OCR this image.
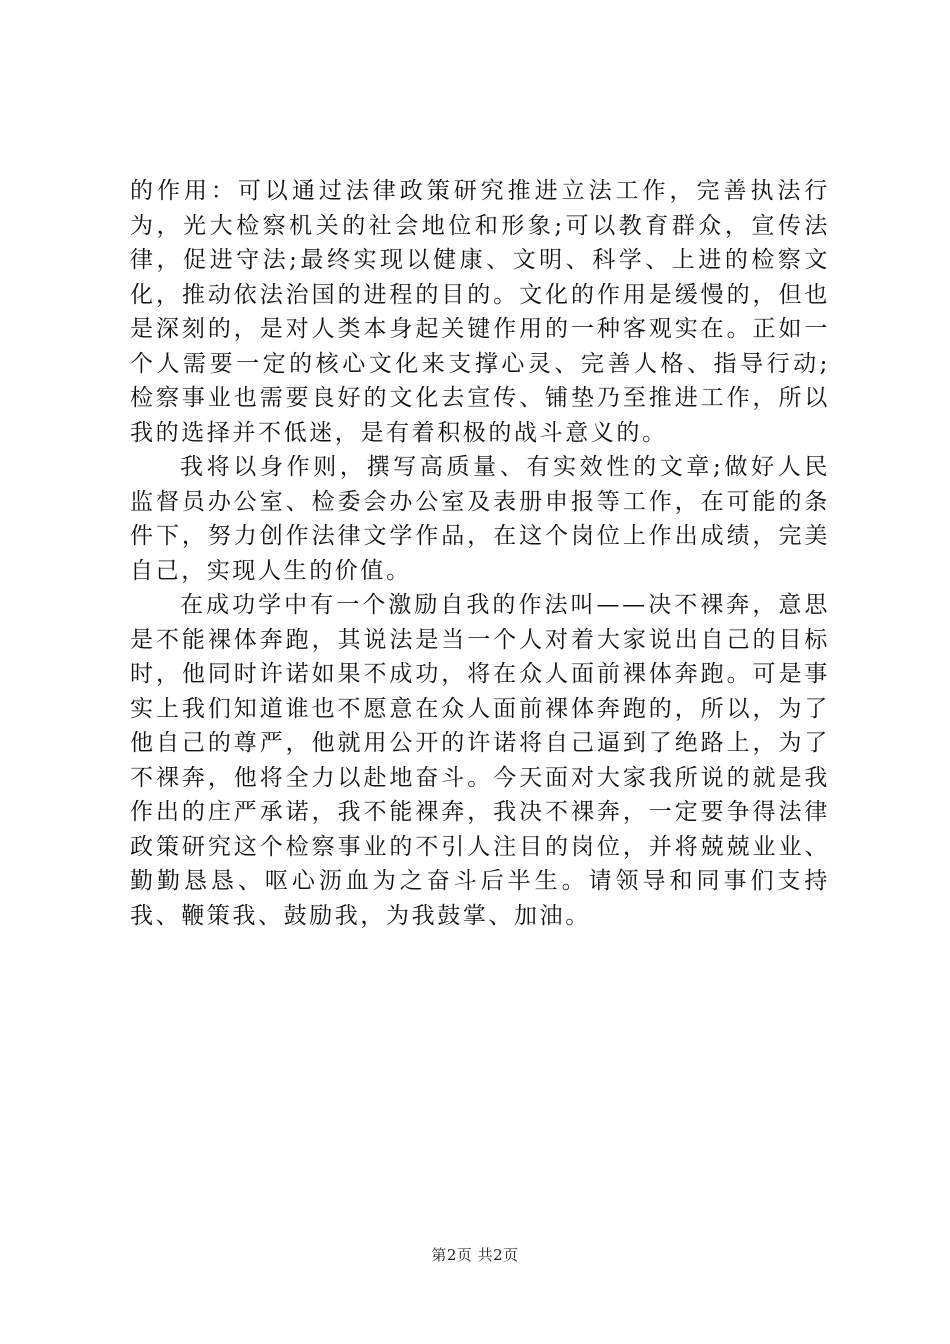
的作用：可以通过法律政策研究推进立法工作，完善执法行为，光大检察机关的社会地位和形象;可以教育群众，宣传法律，促进守法;最终实现以健康、文明、科学、上进的检察文化，推动依法治国的进程的目的。文化的作用是缓慢的，但也是深刻的，是对人类本身起关键作用的一种客观实在。正如一个人需要一定的核心文化来支撑心灵、完善人格、指导行动;检察事业也需要良好的文化去宣传、铺垫乃至推进工作，所以我的选择并不低迷，是有着积极的战斗意义的。

我将以身作则，撰写高质量、有实效性的文章;做好人民监督员办公室、检委会办公室及表册申报等工作，在可能的条件下，努力创作法律文学作品，在这个岗位上作出成绩，完美自己，实现人生的价值。

在成功学中有一个激励自我的作法叫——决不裸奔，意思是不能裸体奔跑，其说法是当一个人对着大家说出自己的目标时，他同时许诺如果不成功，将在众人面前裸体奔跑。可是事实上我们知道谁也不愿意在众人面前裸体奔跑的，所以，为了他自己的尊严，他就用公开的许诺将自己逼到了绝路上，为了不裸奔，他将全力以赴地奋斗。今天面对大家我所说的就是我作出的庄严承诺，我不能裸奔，我决不裸奔，一定要争得法律政策研究这个检察事业的不引人注目的岗位，并将兢兢业业、勤勤恳恳、呕心沥血为之奋斗后半生。请领导和同事们支持我、鞭策我、鼓励我，为我鼓掌、加油。

第2页 共2页
